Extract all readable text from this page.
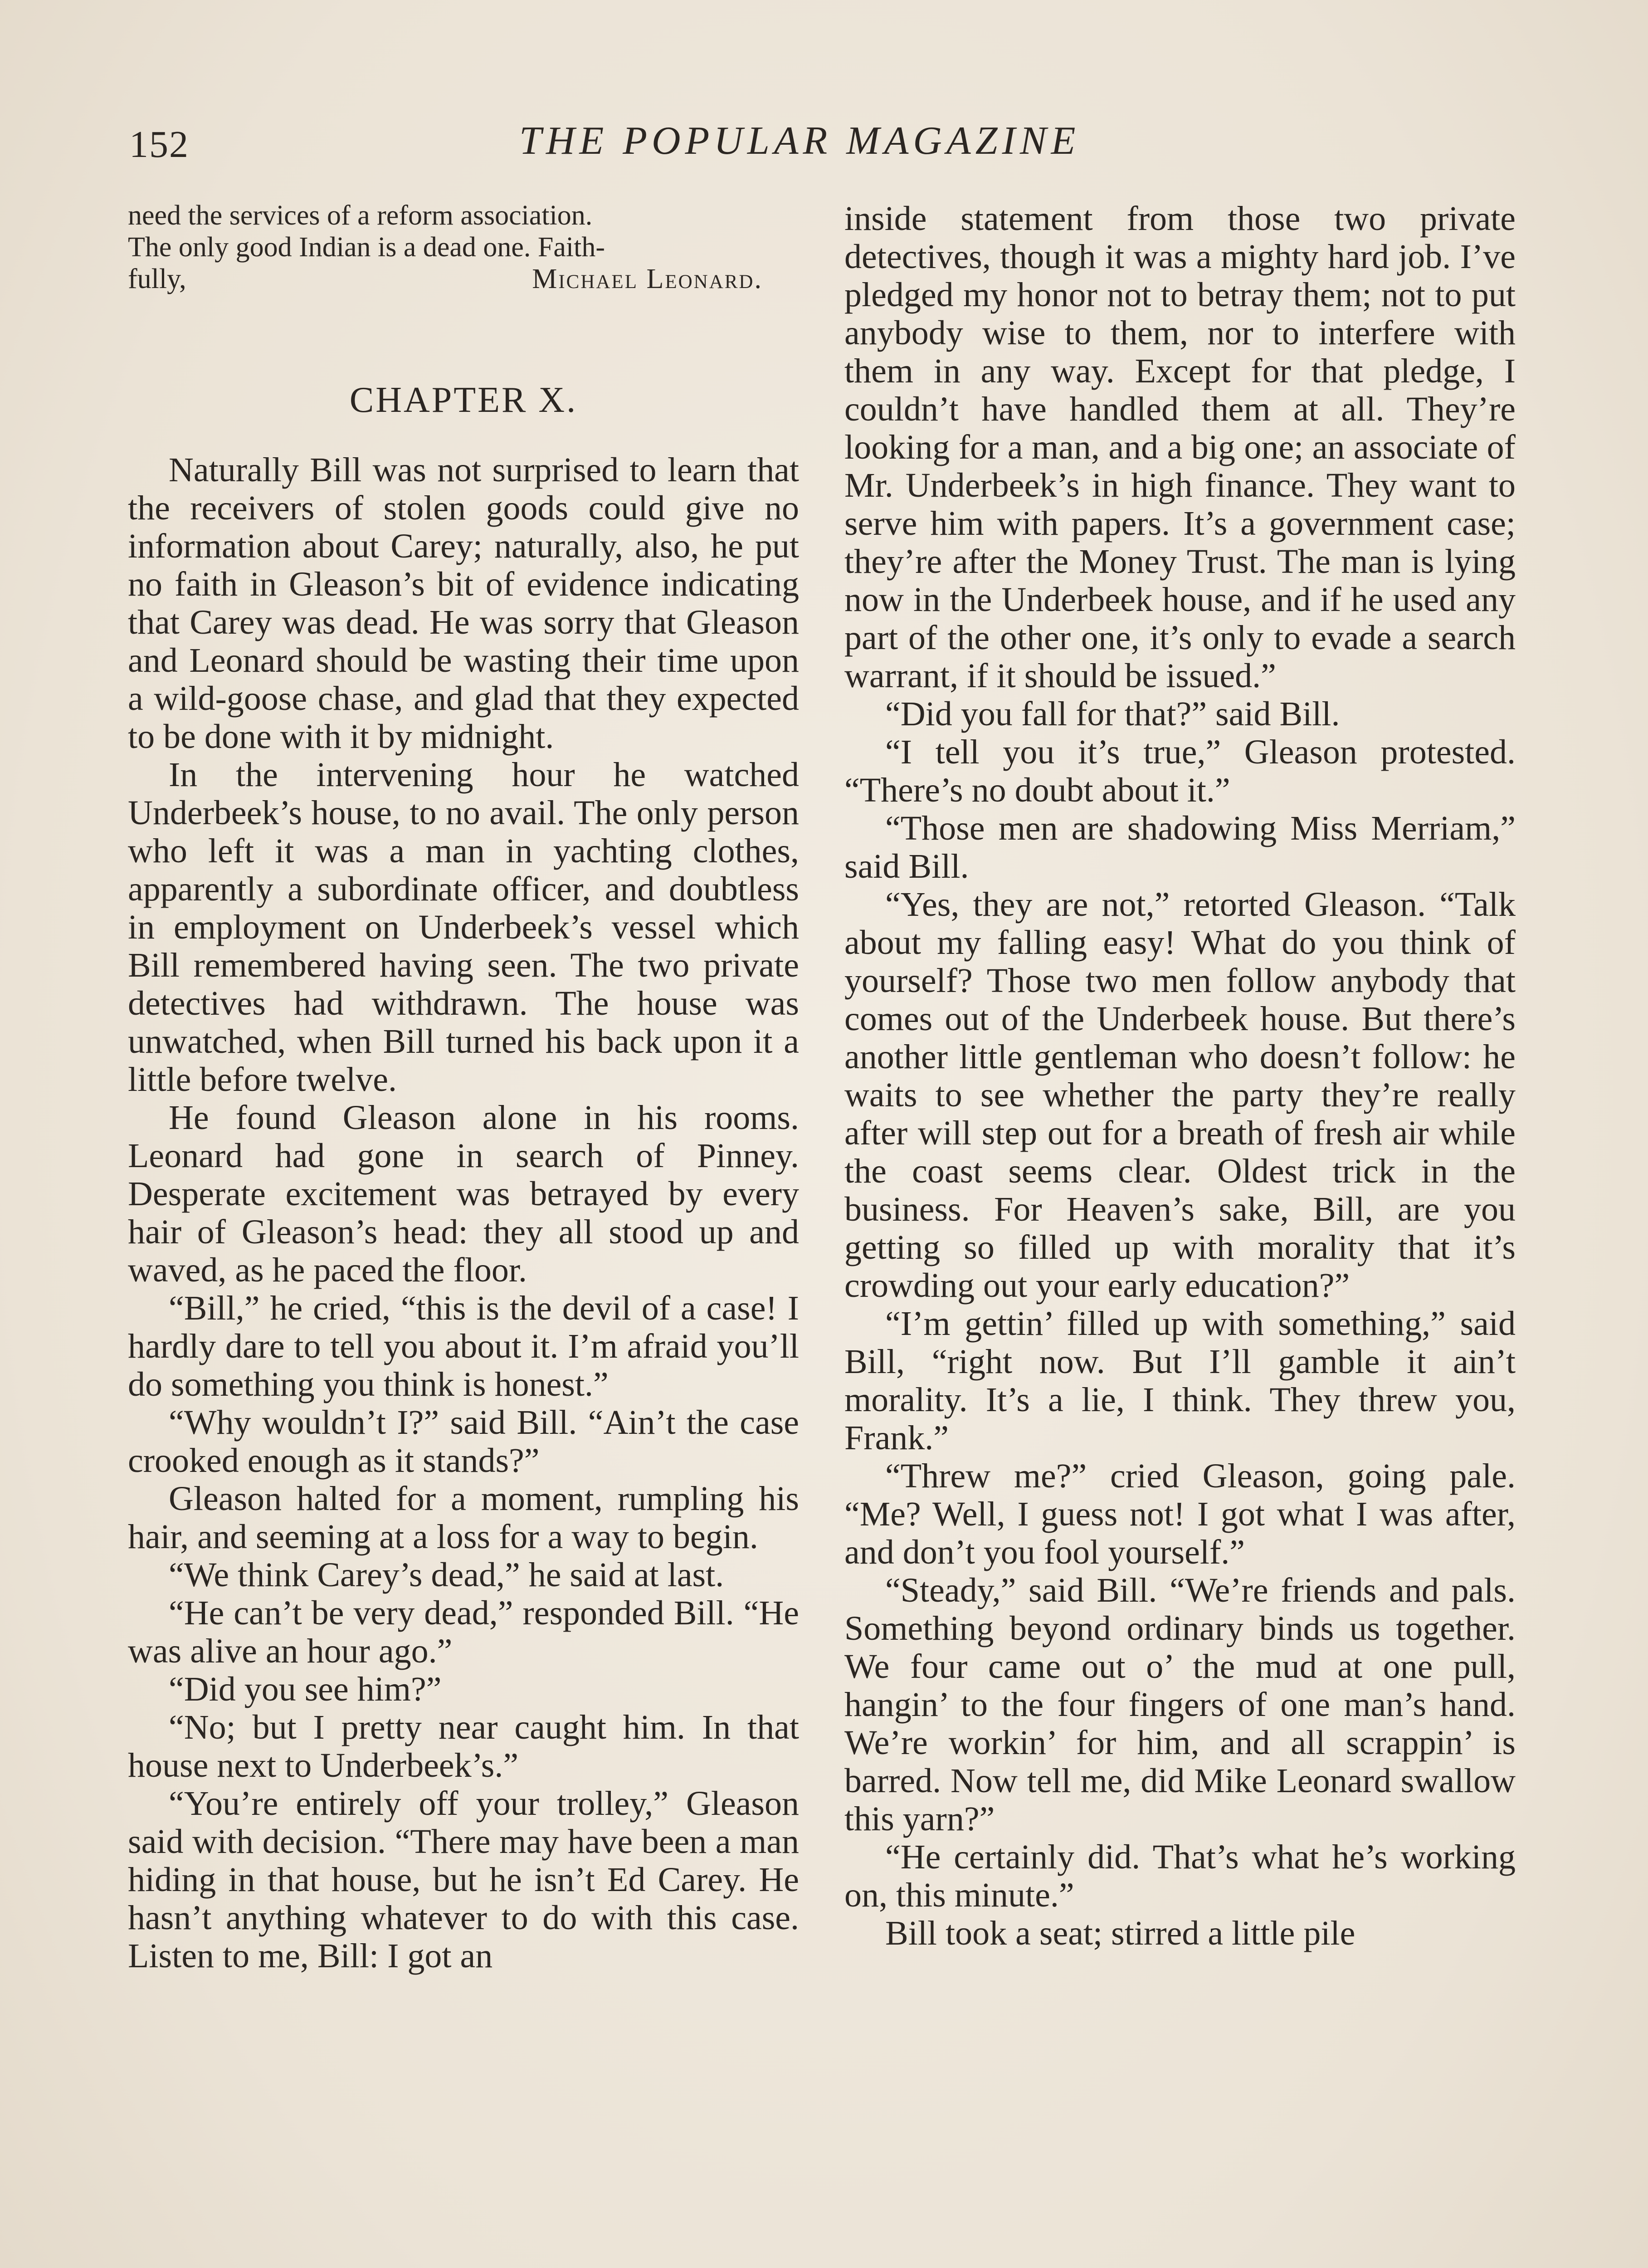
152	THE POPULAR MAGAZINE
need the services of a reform association.
The only good Indian is a dead one. Faith-
fully,	Michael Leonard.
CHAPTER X.

Naturally Bill was not surprised to learn that the receivers of stolen goods could give no information about Carey; naturally, also, he put no faith in Gleason’s bit of evidence indicating that Carey was dead. He was sorry that Gleason and Leonard should be wasting their time upon a wild-goose chase, and glad that they expected to be done with it by midnight.

In the intervening hour he watched Underbeek’s house, to no avail. The only person who left it was a man in yachting clothes, apparently a subordinate officer, and doubtless in employment on Underbeek’s vessel which Bill remembered having seen. The two private detectives had withdrawn. The house was unwatched, when Bill turned his back upon it a little before twelve.

He found Gleason alone in his rooms. Leonard had gone in search of Pinney. Desperate excitement was betrayed by every hair of Gleason’s head: they all stood up and waved, as he paced the floor.

“Bill,” he cried, “this is the devil of a case! I hardly dare to tell you about it. I’m afraid you’ll do something you think is honest.”

“Why wouldn’t I?” said Bill. “Ain’t the case crooked enough as it stands?”

Gleason halted for a moment, rumpling his hair, and seeming at a loss for a way to begin.

“We think Carey’s dead,” he said at last.

“He can’t be very dead,” responded Bill. “He was alive an hour ago.”

“Did you see him?”

“No; but I pretty near caught him. In that house next to Underbeek’s.”

“You’re entirely off your trolley,” Gleason said with decision. “There may have been a man hiding in that house, but he isn’t Ed Carey. He hasn’t anything whatever to do with this case. Listen to me, Bill: I got an

inside statement from those two private detectives, though it was a mighty hard job. I’ve pledged my honor not to betray them; not to put anybody wise to them, nor to interfere with them in any way. Except for that pledge, I couldn’t have handled them at all. They’re looking for a man, and a big one; an associate of Mr. Underbeek’s in high finance. They want to serve him with papers. It’s a government case; they’re after the Money Trust. The man is lying now in the Underbeek house, and if he used any part of the other one, it’s only to evade a search warrant, if it should be issued.”

“Did you fall for that?” said Bill.

“I tell you it’s true,” Gleason protested. “There’s no doubt about it.”

“Those men are shadowing Miss Merriam,” said Bill.

“Yes, they are not,” retorted Gleason. “Talk about my falling easy! What do you think of yourself? Those two men follow anybody that comes out of the Underbeek house. But there’s another little gentleman who doesn’t follow: he waits to see whether the party they’re really after will step out for a breath of fresh air while the coast seems clear. Oldest trick in the business. For Heaven’s sake, Bill, are you getting so filled up with morality that it’s crowding out your early education?”

“I’m gettin’ filled up with something,” said Bill, “right now. But I’ll gamble it ain’t morality. It’s a lie, I think. They threw you, Frank.”

“Threw me?” cried Gleason, going pale. “Me? Well, I guess not! I got what I was after, and don’t you fool yourself.”

“Steady,” said Bill. “We’re friends and pals. Something beyond ordinary binds us together. We four came out o’ the mud at one pull, hangin’ to the four fingers of one man’s hand. We’re workin’ for him, and all scrappin’ is barred. Now tell me, did Mike Leonard swallow this yarn?”

“He certainly did. That’s what he’s working on, this minute.”

Bill took a seat; stirred a little pile
